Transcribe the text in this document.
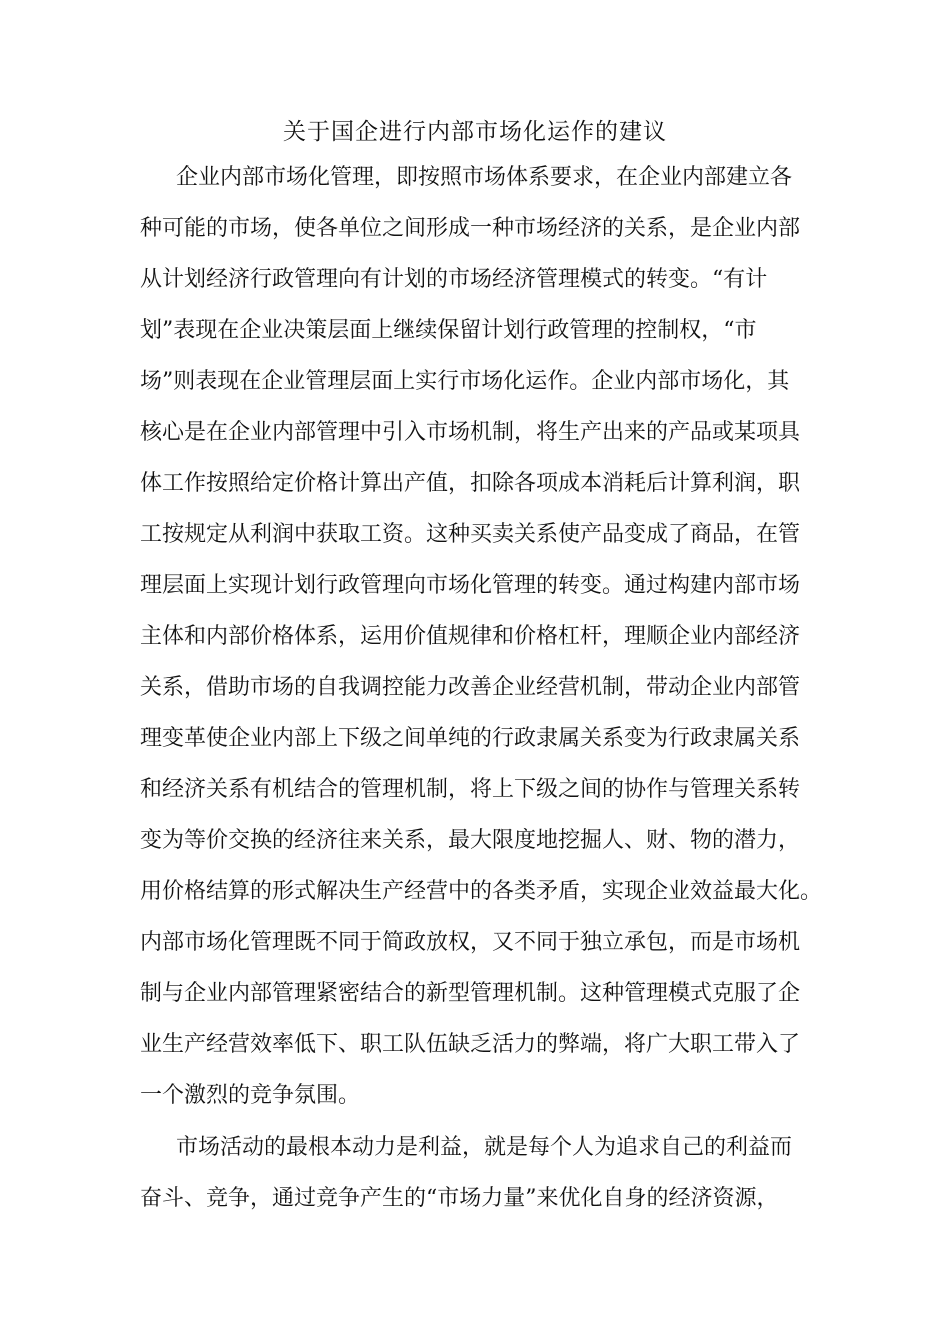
关于国企进行内部市场化运作的建议
企业内部市场化管理，即按照市场体系要求，在企业内部建立各
种可能的市场，使各单位之间形成一种市场经济的关系，是企业内部
从计划经济行政管理向有计划的市场经济管理模式的转变。“有计
划”表现在企业决策层面上继续保留计划行政管理的控制权，“市
场”则表现在企业管理层面上实行市场化运作。企业内部市场化，其
核心是在企业内部管理中引入市场机制，将生产出来的产品或某项具
体工作按照给定价格计算出产值，扣除各项成本消耗后计算利润，职
工按规定从利润中获取工资。这种买卖关系使产品变成了商品，在管
理层面上实现计划行政管理向市场化管理的转变。通过构建内部市场
主体和内部价格体系，运用价值规律和价格杠杆，理顺企业内部经济
关系，借助市场的自我调控能力改善企业经营机制，带动企业内部管
理变革使企业内部上下级之间单纯的行政隶属关系变为行政隶属关系
和经济关系有机结合的管理机制，将上下级之间的协作与管理关系转
变为等价交换的经济往来关系，最大限度地挖掘人、财、物的潜力，
用价格结算的形式解决生产经营中的各类矛盾，实现企业效益最大化。
内部市场化管理既不同于简政放权，又不同于独立承包，而是市场机
制与企业内部管理紧密结合的新型管理机制。这种管理模式克服了企
业生产经营效率低下、职工队伍缺乏活力的弊端，将广大职工带入了
一个激烈的竞争氛围。
市场活动的最根本动力是利益，就是每个人为追求自己的利益而
奋斗、竞争，通过竞争产生的“市场力量”来优化自身的经济资源，
